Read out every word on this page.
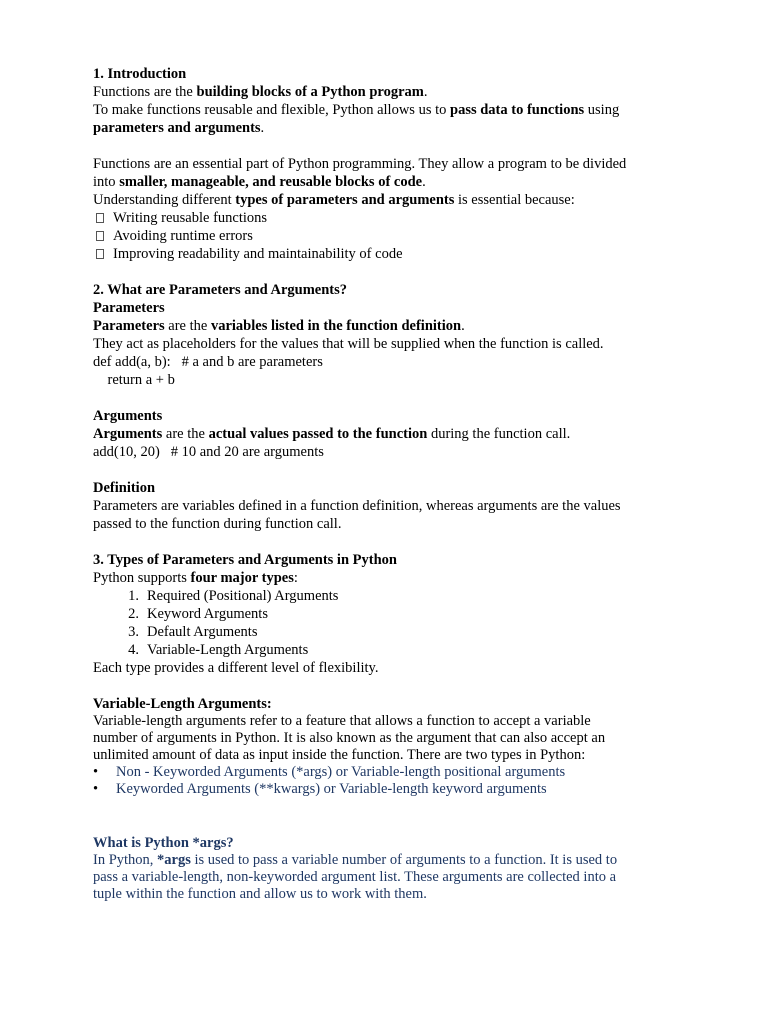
1. Introduction

Functions are the building blocks of a Python program.

To make functions reusable and flexible, Python allows us to pass data to functions using

parameters and arguments.

Functions are an essential part of Python programming. They allow a program to be divided

into smaller, manageable, and reusable blocks of code.

Understanding different types of parameters and arguments is essential because:

Writing reusable functions
Avoiding runtime errors
Improving readability and maintainability of code

2. What are Parameters and Arguments?

Parameters

Parameters are the variables listed in the function definition.

They act as placeholders for the values that will be supplied when the function is called.

def add(a, b):   # a and b are parameters

return a + b

Arguments

Arguments are the actual values passed to the function during the function call.

add(10, 20)   # 10 and 20 are arguments

Definition

Parameters are variables defined in a function definition, whereas arguments are the values

passed to the function during function call.

3. Types of Parameters and Arguments in Python

Python supports four major types:

1. Required (Positional) Arguments
2. Keyword Arguments
3. Default Arguments
4. Variable-Length Arguments

Each type provides a different level of flexibility.

Variable-Length Arguments:

Variable-length arguments refer to a feature that allows a function to accept a variable

number of arguments in Python. It is also known as the argument that can also accept an

unlimited amount of data as input inside the function. There are two types in Python:

•	Non - Keyworded Arguments (*args) or Variable-length positional arguments
•	Keyworded Arguments (**kwargs) or Variable-length keyword arguments

What is Python *args?

In Python, *args is used to pass a variable number of arguments to a function. It is used to

pass a variable-length, non-keyworded argument list. These arguments are collected into a

tuple within the function and allow us to work with them.
